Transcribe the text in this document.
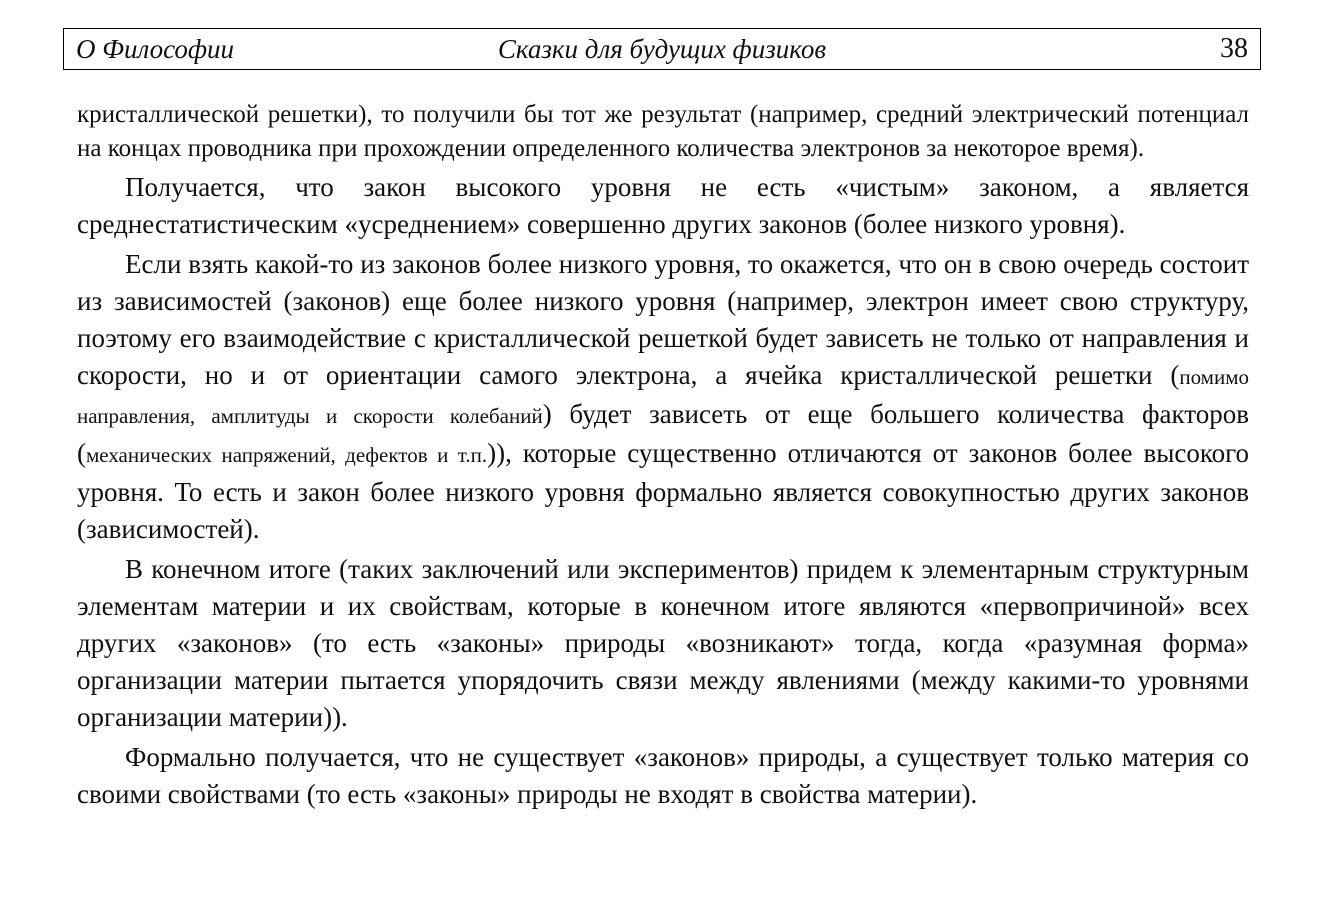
О Философии	Сказки для будущих физиков	38

кристаллической решетки), то получили бы тот же результат (например, средний электрический потенциал на концах проводника при прохождении определенного количества электронов за некоторое время).

Получается, что закон высокого уровня не есть «чистым» законом, а является среднестатистическим «усреднением» совершенно других законов (более низкого уровня).

Если взять какой-то из законов более низкого уровня, то окажется, что он в свою очередь состоит из зависимостей (законов) еще более низкого уровня (например, электрон имеет свою структуру, поэтому его взаимодействие с кристаллической решеткой будет зависеть не только от направления и скорости, но и от ориентации самого электрона, а ячейка кристаллической решетки (помимо направления, амплитуды и скорости колебаний) будет зависеть от еще большего количества факторов (механических напряжений, дефектов и т.п.)), которые существенно отличаются от законов более высокого уровня. То есть и закон более низкого уровня формально является совокупностью других законов (зависимостей).

В конечном итоге (таких заключений или экспериментов) придем к элементарным структурным элементам материи и их свойствам, которые в конечном итоге являются «первопричиной» всех других «законов» (то есть «законы» природы «возникают» тогда, когда «разумная форма» организации материи пытается упорядочить связи между явлениями (между какими-то уровнями организации материи)).

Формально получается, что не существует «законов» природы, а существует только материя со своими свойствами (то есть «законы» природы не входят в свойства материи).
